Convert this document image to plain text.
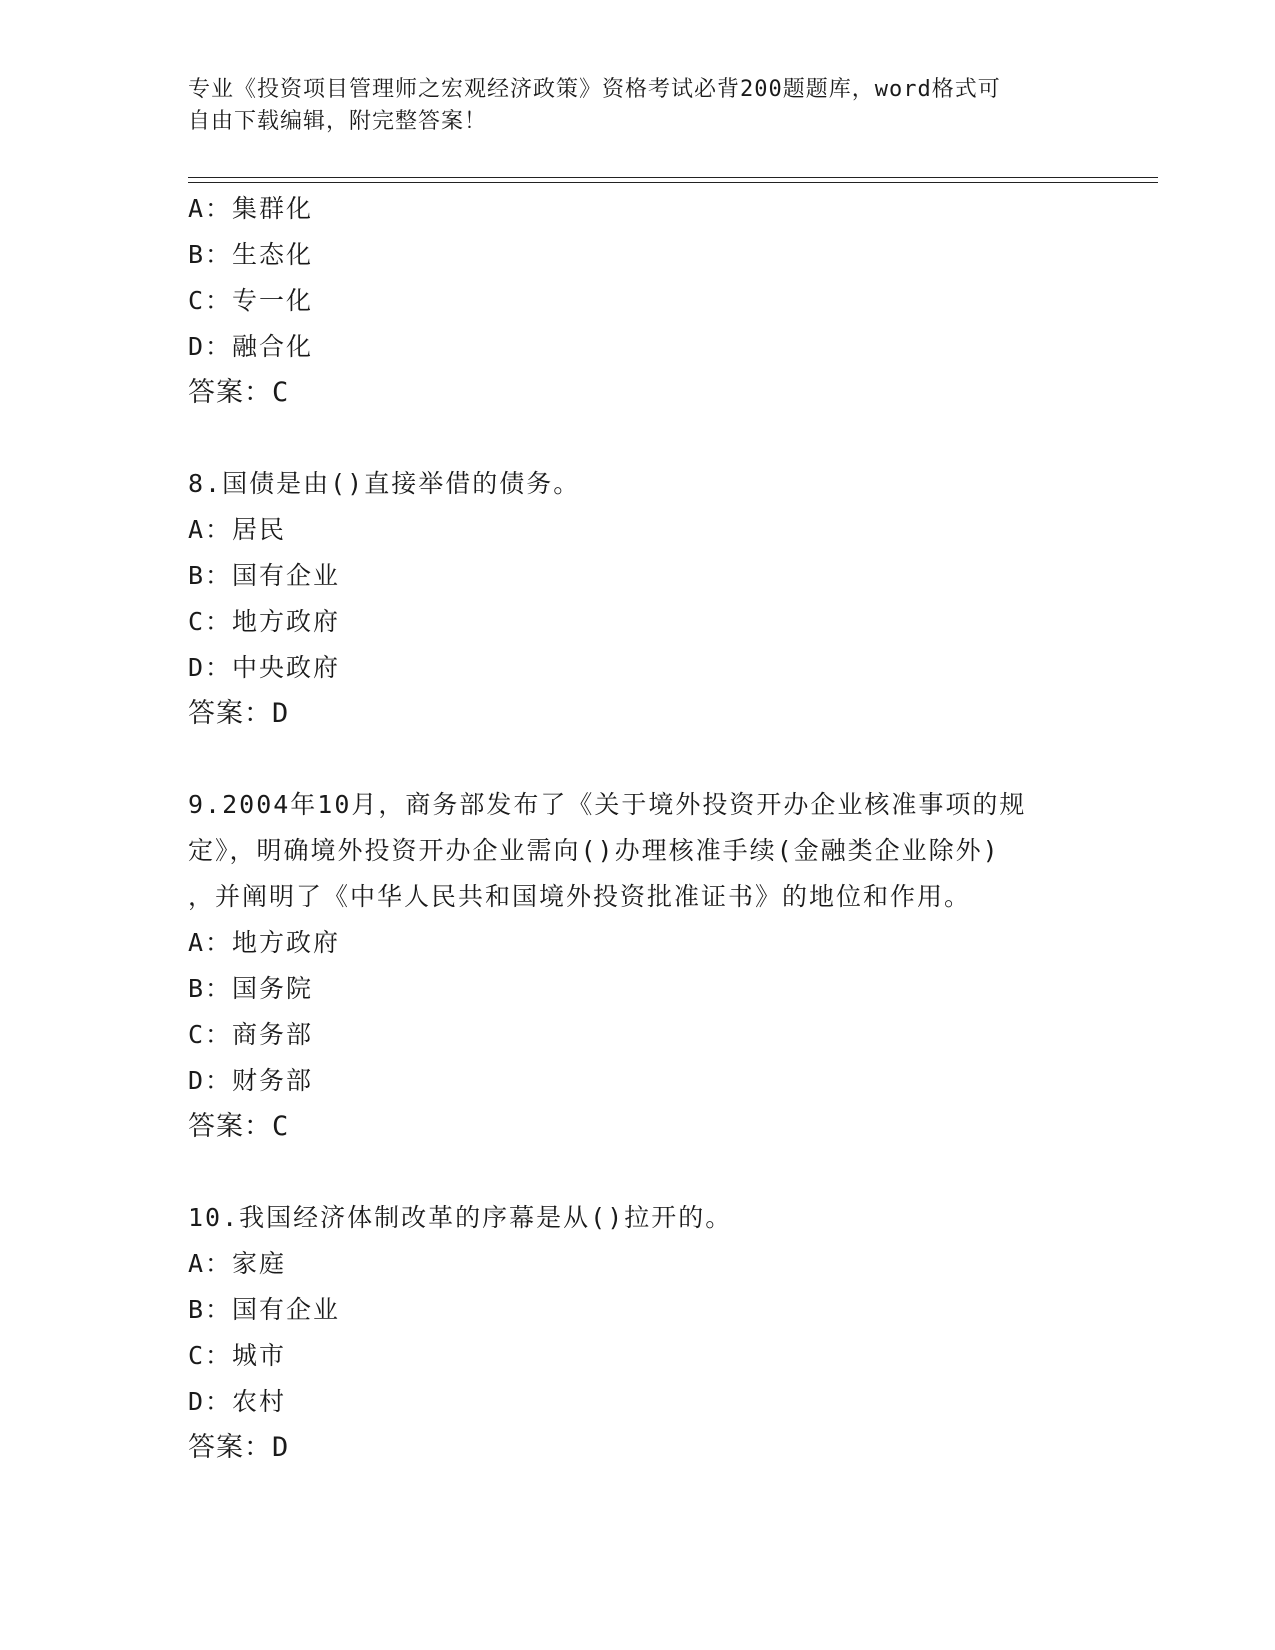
专业《投资项目管理师之宏观经济政策》资格考试必背200题题库，word格式可
自由下载编辑，附完整答案！
A：集群化
B：生态化
C：专一化
D：融合化
答案：C
8.国债是由()直接举借的债务。
A：居民
B：国有企业
C：地方政府
D：中央政府
答案：D
9.2004年10月，商务部发布了《关于境外投资开办企业核准事项的规
定》，明确境外投资开办企业需向()办理核准手续(金融类企业除外)
，并阐明了《中华人民共和国境外投资批准证书》的地位和作用。
A：地方政府
B：国务院
C：商务部
D：财务部
答案：C
10.我国经济体制改革的序幕是从()拉开的。
A：家庭
B：国有企业
C：城市
D：农村
答案：D
